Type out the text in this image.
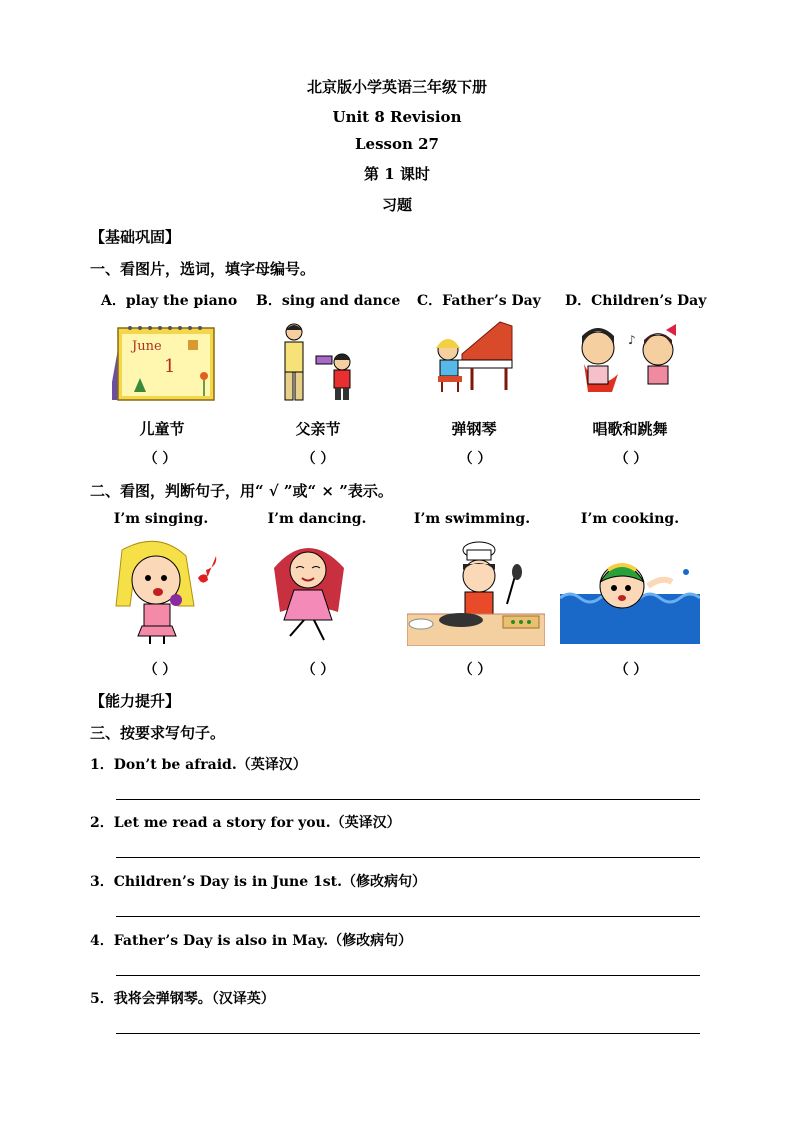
北京版小学英语三年级下册
Unit 8 Revision
Lesson 27
第 1 课时
习题
【基础巩固】
一、看图片，选词，填字母编号。
A．play the piano B．sing and dance C．Father’s Day D．Children’s Day
June
1
♪
儿童节	父亲节	弹钢琴	唱歌和跳舞
（ ）	（ ）	（ ）	（ ）
二、看图，判断句子，用“ √ ”或“ × ”表示。
I’m singing.	I’m dancing.	I’m swimming.	I’m cooking.
（ ）	（ ）	（ ）	（ ）
【能力提升】
三、按要求写句子。
1．Don’t be afraid.（英译汉）
2．Let me read a story for you.（英译汉）
3．Children’s Day is in June 1st.（修改病句）
4．Father’s Day is also in May.（修改病句）
5．我将会弹钢琴。（汉译英）
